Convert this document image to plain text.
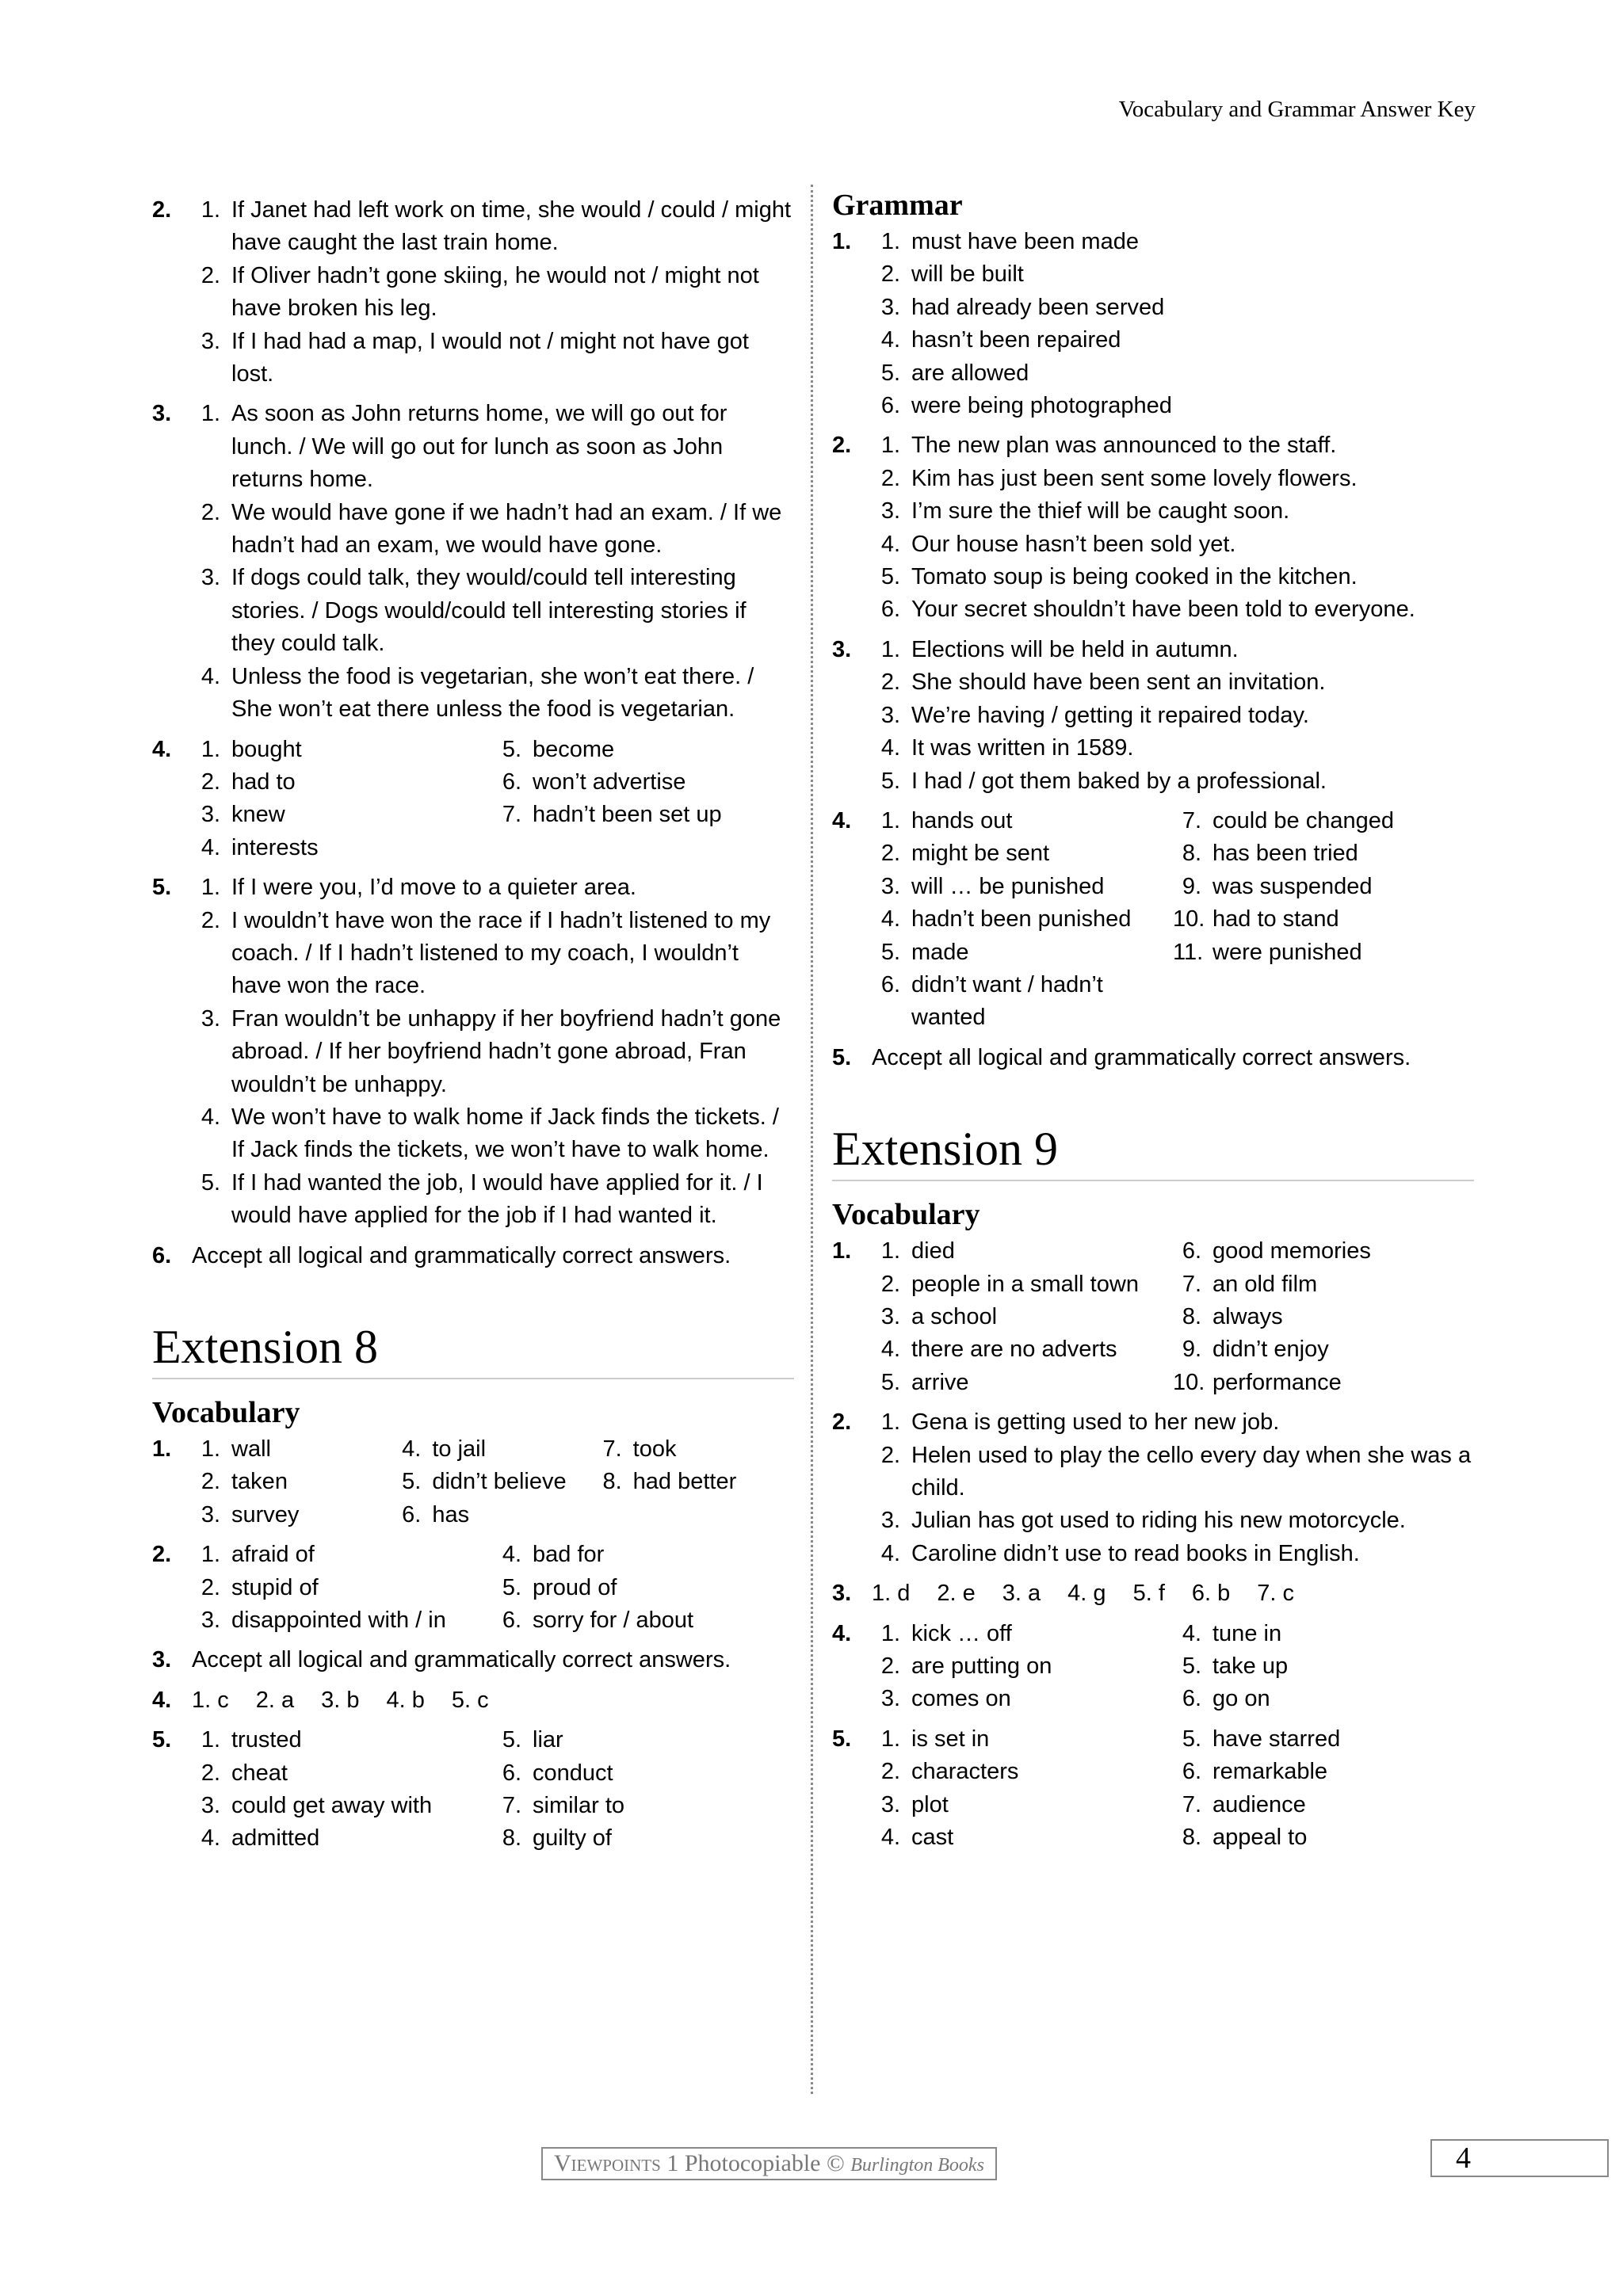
Vocabulary and Grammar Answer Key
2.	1. If Janet had left work on time, she would / could / might have caught the last train home.
2. If Oliver hadn’t gone skiing, he would not / might not have broken his leg.
3. If I had had a map, I would not / might not have got lost.
3.	1. As soon as John returns home, we will go out for lunch. / We will go out for lunch as soon as John returns home.
2. We would have gone if we hadn’t had an exam. / If we hadn’t had an exam, we would have gone.
3. If dogs could talk, they would/could tell interesting stories. / Dogs would/could tell interesting stories if they could talk.
4. Unless the food is vegetarian, she won’t eat there. / She won’t eat there unless the food is vegetarian.
4.	1. bought
2. had to
3. knew
4. interests
5. become
6. won’t advertise
7. hadn’t been set up
5.	1. If I were you, I’d move to a quieter area.
2. I wouldn’t have won the race if I hadn’t listened to my coach. / If I hadn’t listened to my coach, I wouldn’t have won the race.
3. Fran wouldn’t be unhappy if her boyfriend hadn’t gone abroad. / If her boyfriend hadn’t gone abroad, Fran wouldn’t be unhappy.
4. We won’t have to walk home if Jack finds the tickets. / If Jack finds the tickets, we won’t have to walk home.
5. If I had wanted the job, I would have applied for it. / I would have applied for the job if I had wanted it.
6. Accept all logical and grammatically correct answers.
Extension 8
Vocabulary
1.	1. wall
2. taken
3. survey
4. to jail
5. didn’t believe
6. has
7. took
8. had better
2.	1. afraid of
2. stupid of
3. disappointed with / in
4. bad for
5. proud of
6. sorry for / about
3. Accept all logical and grammatically correct answers.
4. 1. c 2. a 3. b 4. b 5. c
5.	1. trusted
2. cheat
3. could get away with
4. admitted
5. liar
6. conduct
7. similar to
8. guilty of
Grammar
1.	1. must have been made
2. will be built
3. had already been served
4. hasn’t been repaired
5. are allowed
6. were being photographed
2.	1. The new plan was announced to the staff.
2. Kim has just been sent some lovely flowers.
3. I’m sure the thief will be caught soon.
4. Our house hasn’t been sold yet.
5. Tomato soup is being cooked in the kitchen.
6. Your secret shouldn’t have been told to everyone.
3.	1. Elections will be held in autumn.
2. She should have been sent an invitation.
3. We’re having / getting it repaired today.
4. It was written in 1589.
5. I had / got them baked by a professional.
4.	1. hands out
2. might be sent
3. will … be punished
4. hadn’t been punished
5. made
6. didn’t want / hadn’t wanted
7. could be changed
8. has been tried
9. was suspended
10. had to stand
11. were punished
5. Accept all logical and grammatically correct answers.
Extension 9
Vocabulary
1.	1. died
2. people in a small town
3. a school
4. there are no adverts
5. arrive
6. good memories
7. an old film
8. always
9. didn’t enjoy
10. performance
2.	1. Gena is getting used to her new job.
2. Helen used to play the cello every day when she was a child.
3. Julian has got used to riding his new motorcycle.
4. Caroline didn’t use to read books in English.
3. 1. d 2. e 3. a 4. g 5. f 6. b 7. c
4.	1. kick … off
2. are putting on
3. comes on
4. tune in
5. take up
6. go on
5.	1. is set in
2. characters
3. plot
4. cast
5. have starred
6. remarkable
7. audience
8. appeal to
Viewpoints 1 Photocopiable © Burlington Books	4
